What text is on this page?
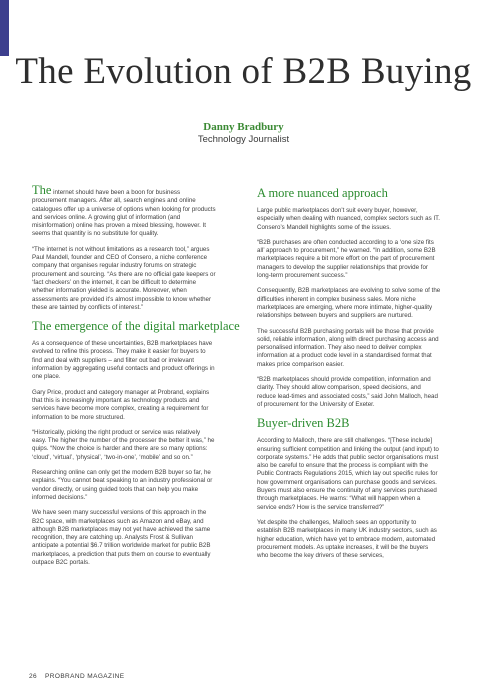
The Evolution of B2B Buying
Danny Bradbury
Technology Journalist

The internet should have been a boon for business procurement managers. After all, search engines and online catalogues offer up a universe of options when looking for products and services online. A growing glut of information (and misinformation) online has proven a mixed blessing, however. It seems that quantity is no substitute for quality.

“The internet is not without limitations as a research tool,” argues Paul Mandell, founder and CEO of Consero, a niche conference company that organises regular industry forums on strategic procurement and sourcing. “As there are no official gate keepers or ‘fact checkers’ on the internet, it can be difficult to determine whether information yielded is accurate. Moreover, when assessments are provided it’s almost impossible to know whether these are tainted by conflicts of interest.”

The emergence of the digital marketplace

As a consequence of these uncertainties, B2B marketplaces have evolved to refine this process. They make it easier for buyers to find and deal with suppliers – and filter out bad or irrelevant information by aggregating useful contacts and product offerings in one place.

Gary Price, product and category manager at Probrand, explains that this is increasingly important as technology products and services have become more complex, creating a requirement for information to be more structured.

“Historically, picking the right product or service was relatively easy. The higher the number of the processer the better it was,” he quips. “Now the choice is harder and there are so many options: ‘cloud’, ‘virtual’, ‘physical’, ‘two-in-one’, ‘mobile’ and so on.”

Researching online can only get the modern B2B buyer so far, he explains. “You cannot beat speaking to an industry professional or vendor directly, or using guided tools that can help you make informed decisions.”

We have seen many successful versions of this approach in the B2C space, with marketplaces such as Amazon and eBay, and although B2B marketplaces may not yet have achieved the same recognition, they are catching up. Analysts Frost & Sullivan anticipate a potential $6.7 trillion worldwide market for public B2B marketplaces, a prediction that puts them on course to eventually outpace B2C portals.

A more nuanced approach

Large public marketplaces don’t suit every buyer, however, especially when dealing with nuanced, complex sectors such as IT. Consero’s Mandell highlights some of the issues.

“B2B purchases are often conducted according to a ‘one size fits all’ approach to procurement,” he warned. “In addition, some B2B marketplaces require a bit more effort on the part of procurement managers to develop the supplier relationships that provide for long-term procurement success.”

Consequently, B2B marketplaces are evolving to solve some of the difficulties inherent in complex business sales. More niche marketplaces are emerging, where more intimate, higher-quality relationships between buyers and suppliers are nurtured.

The successful B2B purchasing portals will be those that provide solid, reliable information, along with direct purchasing access and personalised information. They also need to deliver complex information at a product code level in a standardised format that makes price comparison easier.

“B2B marketplaces should provide competition, information and clarity. They should allow comparison, speed decisions, and reduce lead-times and associated costs,” said John Malloch, head of procurement for the University of Exeter.

Buyer-driven B2B

According to Malloch, there are still challenges. “[These include] ensuring sufficient competition and linking the output (and input) to corporate systems.” He adds that public sector organisations must also be careful to ensure that the process is compliant with the Public Contracts Regulations 2015, which lay out specific rules for how government organisations can purchase goods and services. Buyers must also ensure the continuity of any services purchased through marketplaces. He warns: “What will happen when a service ends? How is the service transferred?”

Yet despite the challenges, Malloch sees an opportunity to establish B2B marketplaces in many UK industry sectors, such as higher education, which have yet to embrace modern, automated procurement models. As uptake increases, it will be the buyers who become the key drivers of these services,

26 PROBRAND MAGAZINE
